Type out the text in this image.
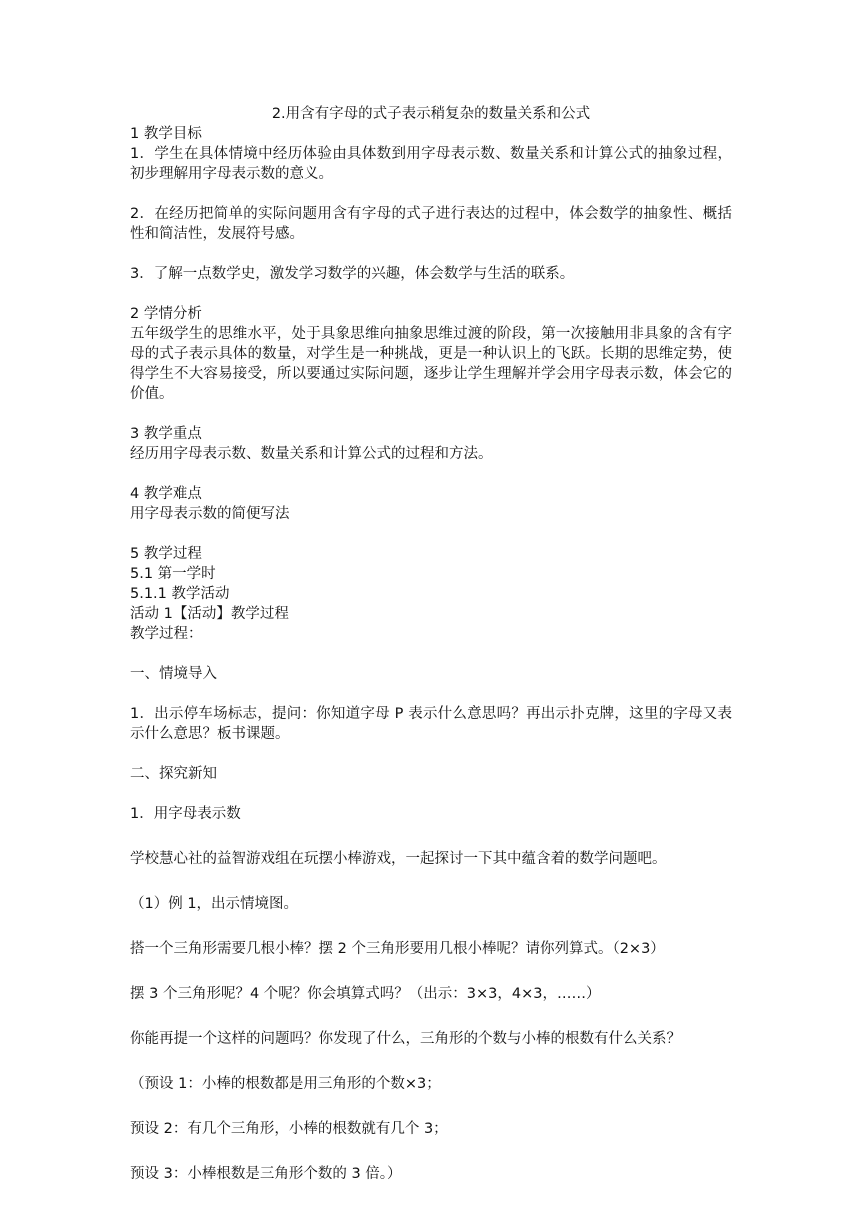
2.用含有字母的式子表示稍复杂的数量关系和公式

1 教学目标

1．学生在具体情境中经历体验由具体数到用字母表示数、数量关系和计算公式的抽象过程，初步理解用字母表示数的意义。

2．在经历把简单的实际问题用含有字母的式子进行表达的过程中，体会数学的抽象性、概括性和简洁性，发展符号感。

3．了解一点数学史，激发学习数学的兴趣，体会数学与生活的联系。

2 学情分析

五年级学生的思维水平，处于具象思维向抽象思维过渡的阶段，第一次接触用非具象的含有字母的式子表示具体的数量，对学生是一种挑战，更是一种认识上的飞跃。长期的思维定势，使得学生不大容易接受，所以要通过实际问题，逐步让学生理解并学会用字母表示数，体会它的价值。

3 教学重点

经历用字母表示数、数量关系和计算公式的过程和方法。

4 教学难点

用字母表示数的简便写法

5 教学过程

5.1 第一学时

5.1.1 教学活动

活动 1【活动】教学过程

教学过程：

一、情境导入

1．出示停车场标志，提问：你知道字母 P 表示什么意思吗？再出示扑克牌，这里的字母又表示什么意思？板书课题。

二、探究新知

1．用字母表示数

学校慧心社的益智游戏组在玩摆小棒游戏，一起探讨一下其中蕴含着的数学问题吧。

（1）例 1，出示情境图。

搭一个三角形需要几根小棒？摆 2 个三角形要用几根小棒呢？请你列算式。（2×3）

摆 3 个三角形呢？4 个呢？你会填算式吗？（出示：3×3，4×3，……）

你能再提一个这样的问题吗？你发现了什么，三角形的个数与小棒的根数有什么关系？

（预设 1：小棒的根数都是用三角形的个数×3；

预设 2：有几个三角形，小棒的根数就有几个 3；

预设 3：小棒根数是三角形个数的 3 倍。）
